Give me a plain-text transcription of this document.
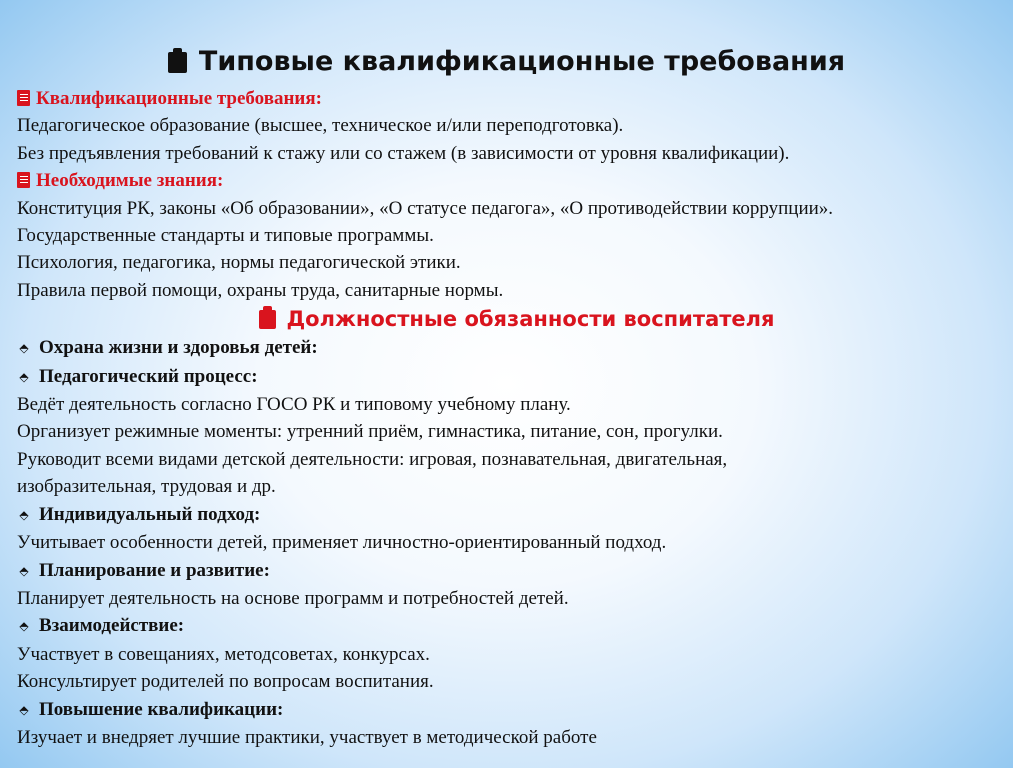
Типовые квалификационные требования

Квалификационные требования:

Педагогическое образование (высшее, техническое и/или переподготовка).

Без предъявления требований к стажу или со стажем (в зависимости от уровня квалификации).

Необходимые знания:

Конституция РК, законы «Об образовании», «О статусе педагога», «О противодействии коррупции».

Государственные стандарты и типовые программы.

Психология, педагогика, нормы педагогической этики.

Правила первой помощи, охраны труда, санитарные нормы.

Должностные обязанности воспитателя

⬘ Охрана жизни и здоровья детей:

⬘ Педагогический процесс:

Ведёт деятельность согласно ГОСО РК и типовому учебному плану.

Организует режимные моменты: утренний приём, гимнастика, питание, сон, прогулки.

Руководит всеми видами детской деятельности: игровая, познавательная, двигательная,

изобразительная, трудовая и др.

⬘ Индивидуальный подход:

Учитывает особенности детей, применяет личностно-ориентированный подход.

⬘ Планирование и развитие:

Планирует деятельность на основе программ и потребностей детей.

⬘ Взаимодействие:

Участвует в совещаниях, методсоветах, конкурсах.

Консультирует родителей по вопросам воспитания.

⬘ Повышение квалификации:

Изучает и внедряет лучшие практики, участвует в методической работе
